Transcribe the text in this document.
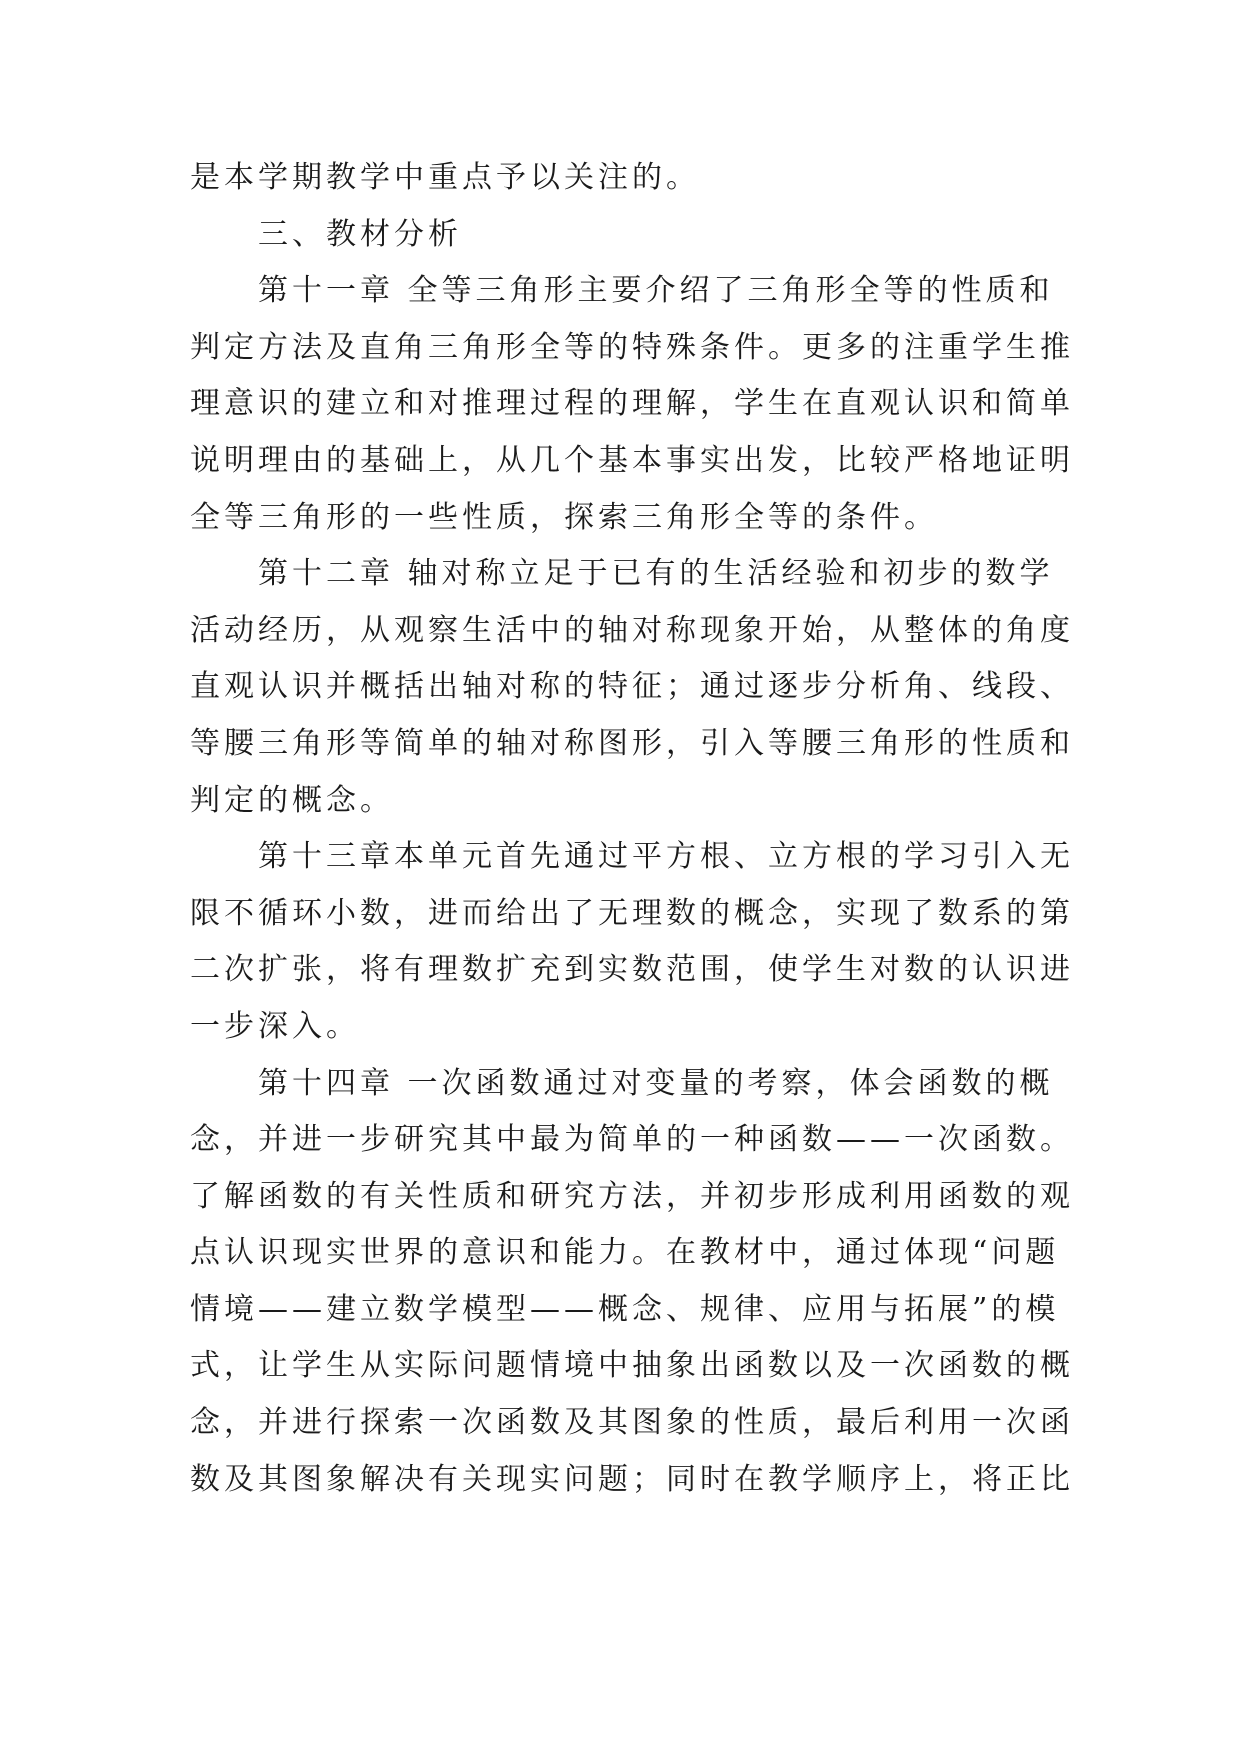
是本学期教学中重点予以关注的。
三、教材分析
第十一章 全等三角形主要介绍了三角形全等的性质和
判定方法及直角三角形全等的特殊条件。更多的注重学生推
理意识的建立和对推理过程的理解，学生在直观认识和简单
说明理由的基础上，从几个基本事实出发，比较严格地证明
全等三角形的一些性质，探索三角形全等的条件。
第十二章 轴对称立足于已有的生活经验和初步的数学
活动经历，从观察生活中的轴对称现象开始，从整体的角度
直观认识并概括出轴对称的特征；通过逐步分析角、线段、
等腰三角形等简单的轴对称图形，引入等腰三角形的性质和
判定的概念。
第十三章本单元首先通过平方根、立方根的学习引入无
限不循环小数，进而给出了无理数的概念，实现了数系的第
二次扩张，将有理数扩充到实数范围，使学生对数的认识进
一步深入。
第十四章 一次函数通过对变量的考察，体会函数的概
念，并进一步研究其中最为简单的一种函数——一次函数。
了解函数的有关性质和研究方法，并初步形成利用函数的观
点认识现实世界的意识和能力。在教材中，通过体现“问题
情境——建立数学模型——概念、规律、应用与拓展”的模
式，让学生从实际问题情境中抽象出函数以及一次函数的概
念，并进行探索一次函数及其图象的性质，最后利用一次函
数及其图象解决有关现实问题；同时在教学顺序上，将正比
